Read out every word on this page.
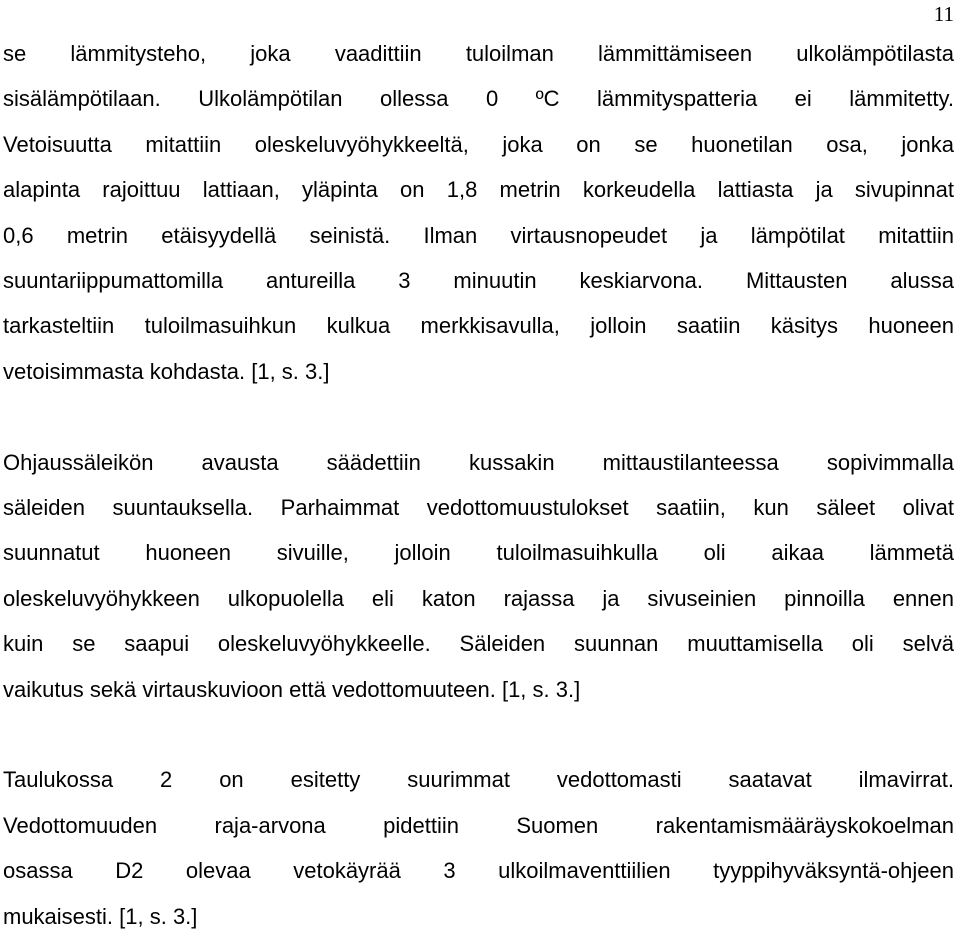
11

se lämmitysteho, joka vaadittiin tuloilman lämmittämiseen ulkolämpötilasta
sisälämpötilaan. Ulkolämpötilan ollessa 0 ºC lämmityspatteria ei lämmitetty.
Vetoisuutta mitattiin oleskeluvyöhykkeeltä, joka on se huonetilan osa, jonka
alapinta rajoittuu lattiaan, yläpinta on 1,8 metrin korkeudella lattiasta ja sivupinnat
0,6 metrin etäisyydellä seinistä. Ilman virtausnopeudet ja lämpötilat mitattiin
suuntariippumattomilla antureilla 3 minuutin keskiarvona. Mittausten alussa
tarkasteltiin tuloilmasuihkun kulkua merkkisavulla, jolloin saatiin käsitys huoneen
vetoisimmasta kohdasta. [1, s. 3.]

Ohjaussäleikön avausta säädettiin kussakin mittaustilanteessa sopivimmalla
säleiden suuntauksella. Parhaimmat vedottomuustulokset saatiin, kun säleet olivat
suunnatut huoneen sivuille, jolloin tuloilmasuihkulla oli aikaa lämmetä
oleskeluvyöhykkeen ulkopuolella eli katon rajassa ja sivuseinien pinnoilla ennen
kuin se saapui oleskeluvyöhykkeelle. Säleiden suunnan muuttamisella oli selvä
vaikutus sekä virtauskuvioon että vedottomuuteen. [1, s. 3.]

Taulukossa 2 on esitetty suurimmat vedottomasti saatavat ilmavirrat.
Vedottomuuden raja-arvona pidettiin Suomen rakentamismääräyskokoelman
osassa D2 olevaa vetokäyrää 3 ulkoilmaventtiilien tyyppihyväksyntä-ohjeen
mukaisesti. [1, s. 3.]
